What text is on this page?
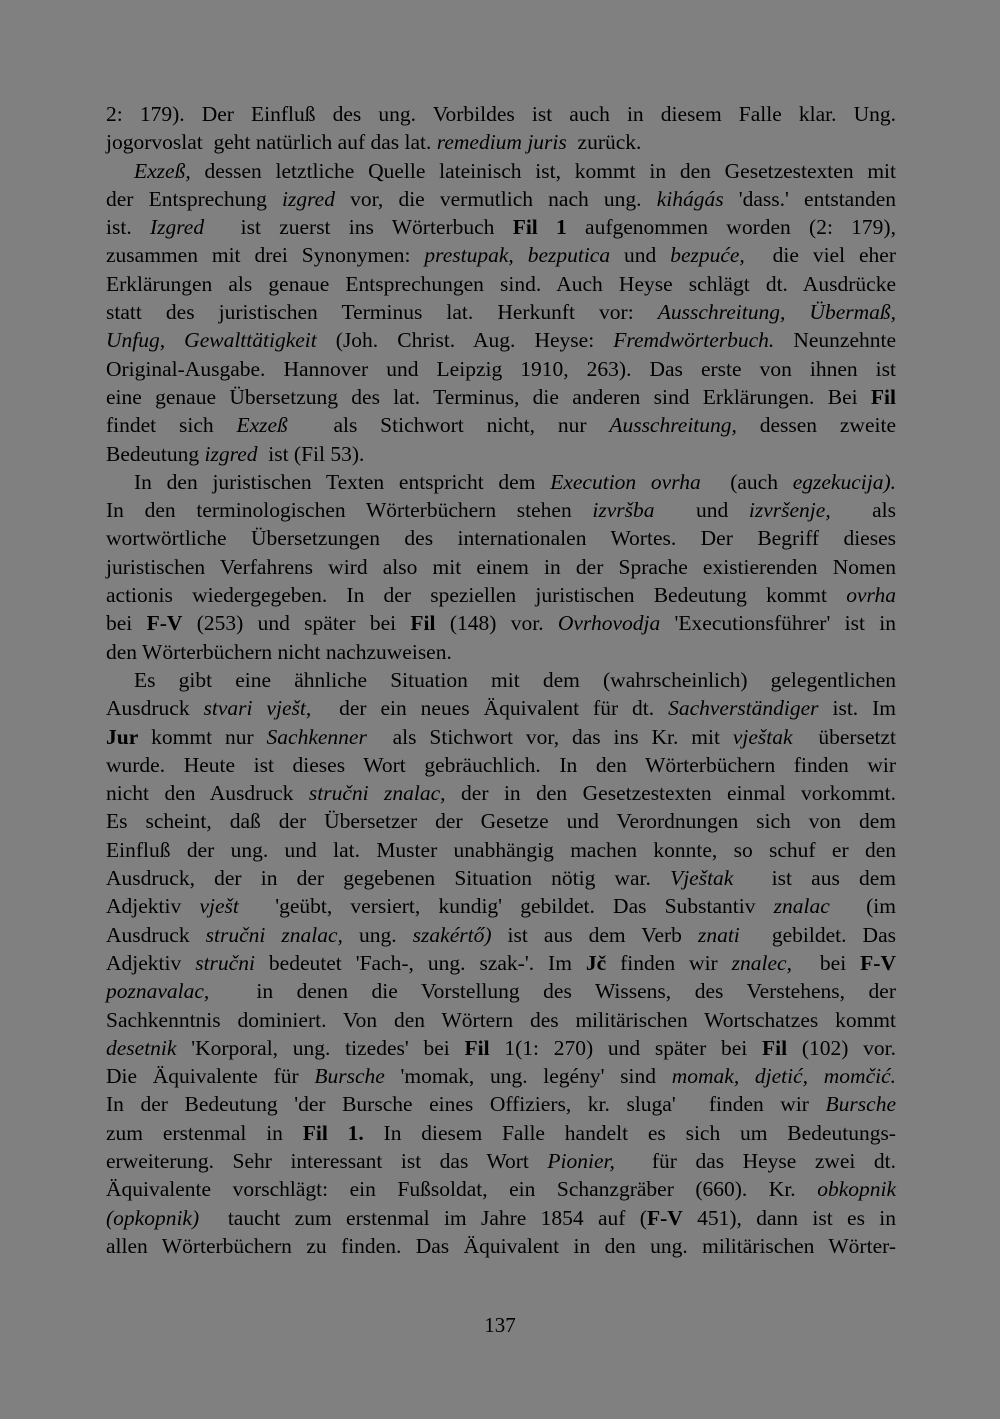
2: 179). Der Einfluß des ung. Vorbildes ist auch in diesem Falle klar. Ung.
jogorvoslat  geht natürlich auf das lat. remedium juris  zurück.
Exzeß, dessen letztliche Quelle lateinisch ist, kommt in den Gesetzestexten mit
der Entsprechung izgred vor, die vermutlich nach ung. kihágás 'dass.' entstanden
ist. Izgred  ist zuerst ins Wörterbuch Fil 1 aufgenommen worden (2: 179),
zusammen mit drei Synonymen: prestupak, bezputica und bezpuće,  die viel eher
Erklärungen als genaue Entsprechungen sind. Auch Heyse schlägt dt. Ausdrücke
statt des juristischen Terminus lat. Herkunft vor: Ausschreitung, Übermaß,
Unfug, Gewalttätigkeit (Joh. Christ. Aug. Heyse: Fremdwörterbuch. Neunzehnte
Original-Ausgabe. Hannover und Leipzig 1910, 263). Das erste von ihnen ist
eine genaue Übersetzung des lat. Terminus, die anderen sind Erklärungen. Bei Fil
findet sich Exzeß  als Stichwort nicht, nur Ausschreitung, dessen zweite
Bedeutung izgred  ist (Fil 53).
In den juristischen Texten entspricht dem Execution ovrha  (auch egzekucija).
In den terminologischen Wörterbüchern stehen izvršba  und izvršenje,  als
wortwörtliche Übersetzungen des internationalen Wortes. Der Begriff dieses
juristischen Verfahrens wird also mit einem in der Sprache existierenden Nomen
actionis wiedergegeben. In der speziellen juristischen Bedeutung kommt ovrha
bei F-V (253) und später bei Fil (148) vor. Ovrhovodja 'Executionsführer' ist in
den Wörterbüchern nicht nachzuweisen.
Es gibt eine ähnliche Situation mit dem (wahrscheinlich) gelegentlichen
Ausdruck stvari vješt,  der ein neues Äquivalent für dt. Sachverständiger ist. Im
Jur kommt nur Sachkenner  als Stichwort vor, das ins Kr. mit vještak  übersetzt
wurde. Heute ist dieses Wort gebräuchlich. In den Wörterbüchern finden wir
nicht den Ausdruck stručni znalac, der in den Gesetzestexten einmal vorkommt.
Es scheint, daß der Übersetzer der Gesetze und Verordnungen sich von dem
Einfluß der ung. und lat. Muster unabhängig machen konnte, so schuf er den
Ausdruck, der in der gegebenen Situation nötig war. Vještak  ist aus dem
Adjektiv vješt  'geübt, versiert, kundig' gebildet. Das Substantiv znalac  (im
Ausdruck stručni znalac, ung. szakértő) ist aus dem Verb znati  gebildet. Das
Adjektiv stručni bedeutet 'Fach-, ung. szak-'. Im Jč finden wir znalec,  bei F-V
poznavalac,  in denen die Vorstellung des Wissens, des Verstehens, der
Sachkenntnis dominiert. Von den Wörtern des militärischen Wortschatzes kommt
desetnik 'Korporal, ung. tizedes' bei Fil 1(1: 270) und später bei Fil (102) vor.
Die Äquivalente für Bursche 'momak, ung. legény' sind momak, djetić, momčić.
In der Bedeutung 'der Bursche eines Offiziers, kr. sluga'  finden wir Bursche
zum erstenmal in Fil 1. In diesem Falle handelt es sich um Bedeutungs-
erweiterung. Sehr interessant ist das Wort Pionier,  für das Heyse zwei dt.
Äquivalente vorschlägt: ein Fußsoldat, ein Schanzgräber (660). Kr. obkopnik
(opkopnik)  taucht zum erstenmal im Jahre 1854 auf (F-V 451), dann ist es in
allen Wörterbüchern zu finden. Das Äquivalent in den ung. militärischen Wörter-
137
